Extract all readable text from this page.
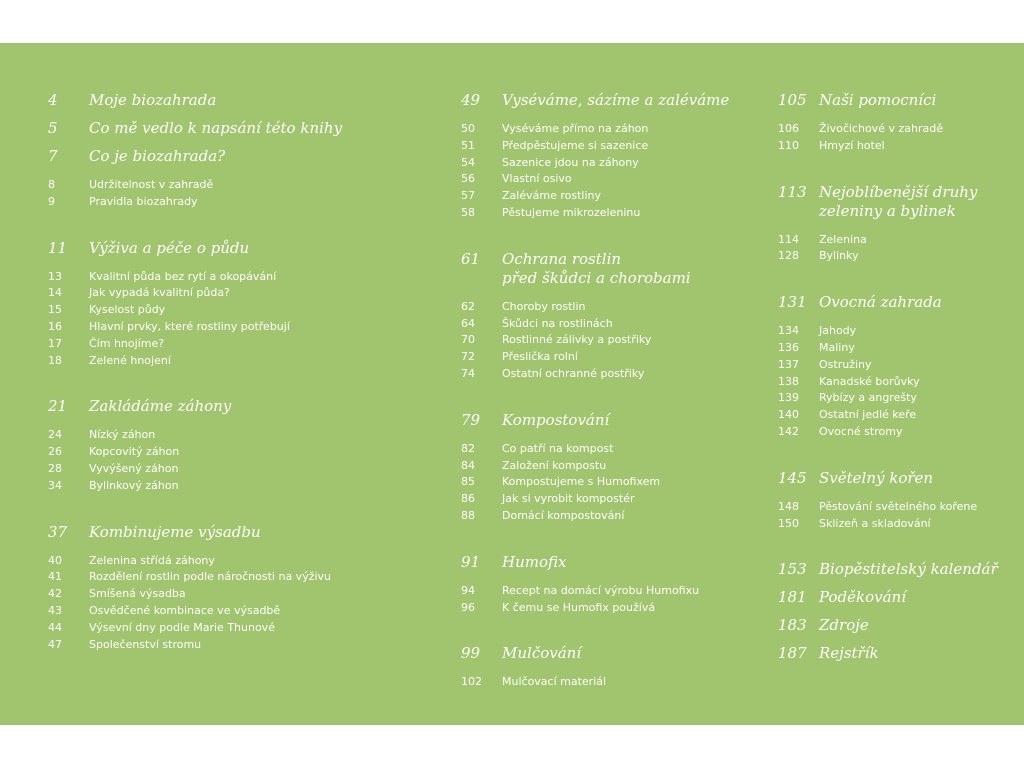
4	Moje biozahrada
5	Co mě vedlo k napsání této knihy
7	Co je biozahrada?
8	Udržitelnost v zahradě
9	Pravidla biozahrady
11	Výživa a péče o půdu
13	Kvalitní půda bez rytí a okopávání
14	Jak vypadá kvalitní půda?
15	Kyselost půdy
16	Hlavní prvky, které rostliny potřebují
17	Čím hnojíme?
18	Zelené hnojení
21	Zakládáme záhony
24	Nízký záhon
26	Kopcovitý záhon
28	Vyvýšený záhon
34	Bylinkový záhon
37	Kombinujeme výsadbu
40	Zelenina střídá záhony
41	Rozdělení rostlin podle náročnosti na výživu
42	Smíšená výsadba
43	Osvědčené kombinace ve výsadbě
44	Výsevní dny podle Marie Thunové
47	Společenství stromu
49	Vyséváme, sázíme a zaléváme
50	Vyséváme přímo na záhon
51	Předpěstujeme si sazenice
54	Sazenice jdou na záhony
56	Vlastní osivo
57	Zaléváme rostliny
58	Pěstujeme mikrozeleninu
61	Ochrana rostlin
před škůdci a chorobami
62	Choroby rostlin
64	Škůdci na rostlinách
70	Rostlinné zálivky a postřiky
72	Přeslička rolní
74	Ostatní ochranné postřiky
79	Kompostování
82	Co patří na kompost
84	Založení kompostu
85	Kompostujeme s Humofixem
86	Jak si vyrobit kompostér
88	Domácí kompostování
91	Humofix
94	Recept na domácí výrobu Humofixu
96	K čemu se Humofix používá
99	Mulčování
102	Mulčovací materiál
105 Naši pomocníci
106	Živočichové v zahradě
110	Hmyzí hotel
113 Nejoblíbenější druhy
zeleniny a bylinek
114	Zelenina
128	Bylinky
131 Ovocná zahrada
134	Jahody
136	Maliny
137	Ostružiny
138	Kanadské borůvky
139	Rybízy a angrešty
140	Ostatní jedlé keře
142	Ovocné stromy
145 Světelný kořen
148	Pěstování světelného kořene
150	Sklizeň a skladování
153 Biopěstitelský kalendář
181 Poděkování
183 Zdroje
187 Rejstřík
